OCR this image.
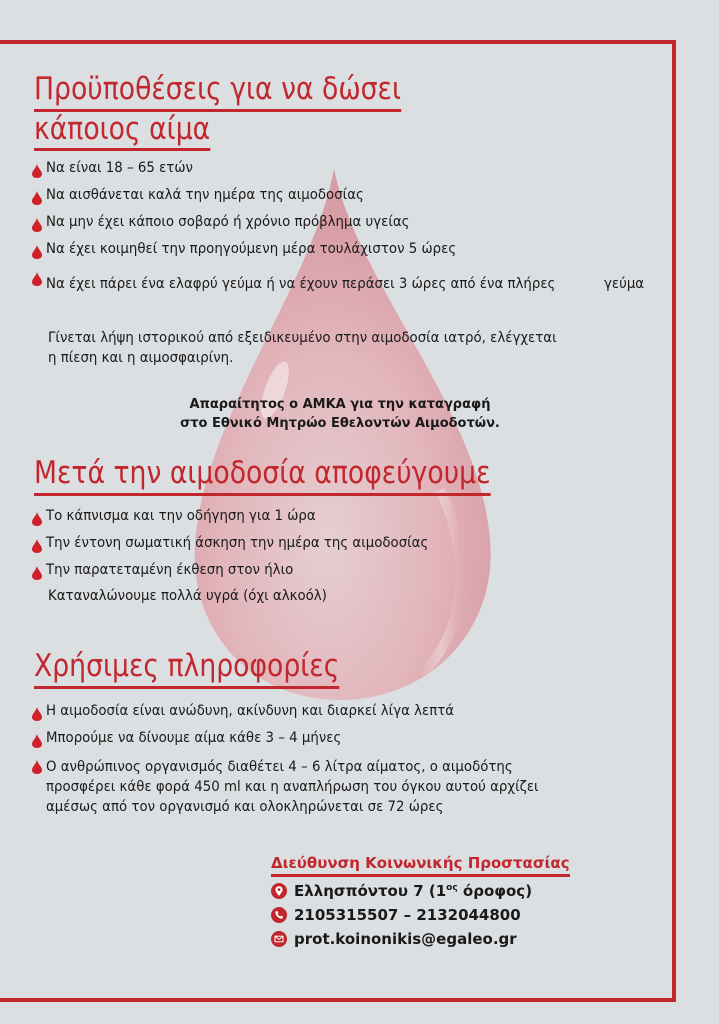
Προϋποθέσεις για να δώσει
κάποιος αίμα
Να είναι 18 – 65 ετών
Να αισθάνεται καλά την ημέρα της αιμοδοσίας
Να μην έχει κάποιο σοβαρό ή χρόνιο πρόβλημα υγείας
Να έχει κοιμηθεί την προηγούμενη μέρα τουλάχιστον 5 ώρες
Να έχει πάρει ένα ελαφρύ γεύμα ή να έχουν περάσει 3 ώρες από ένα πλήρες	γεύμα
Γίνεται λήψη ιστορικού από εξειδικευμένο στην αιμοδοσία ιατρό, ελέγχεται
η πίεση και η αιμοσφαιρίνη.
Απαραίτητος ο ΑΜΚΑ για την καταγραφή
στο Εθνικό Μητρώο Εθελοντών Αιμοδοτών.
Μετά την αιμοδοσία αποφεύγουμε
Το κάπνισμα και την οδήγηση για 1 ώρα
Την έντονη σωματική άσκηση την ημέρα της αιμοδοσίας
Την παρατεταμένη έκθεση στον ήλιο
Καταναλώνουμε πολλά υγρά (όχι αλκοόλ)
Χρήσιμες πληροφορίες
Η αιμοδοσία είναι ανώδυνη, ακίνδυνη και διαρκεί λίγα λεπτά
Μπορούμε να δίνουμε αίμα κάθε 3 – 4 μήνες
Ο ανθρώπινος οργανισμός διαθέτει 4 – 6 λίτρα αίματος, ο αιμοδότης
προσφέρει κάθε φορά 450 ml και η αναπλήρωση του όγκου αυτού αρχίζει
αμέσως από τον οργανισμό και ολοκληρώνεται σε 72 ώρες
Διεύθυνση Κοινωνικής Προστασίας
Ελλησπόντου 7 ($1^{o\varsigma}$ όροφος)
2105315507 – 2132044800
prot.koinonikis@egaleo.gr
